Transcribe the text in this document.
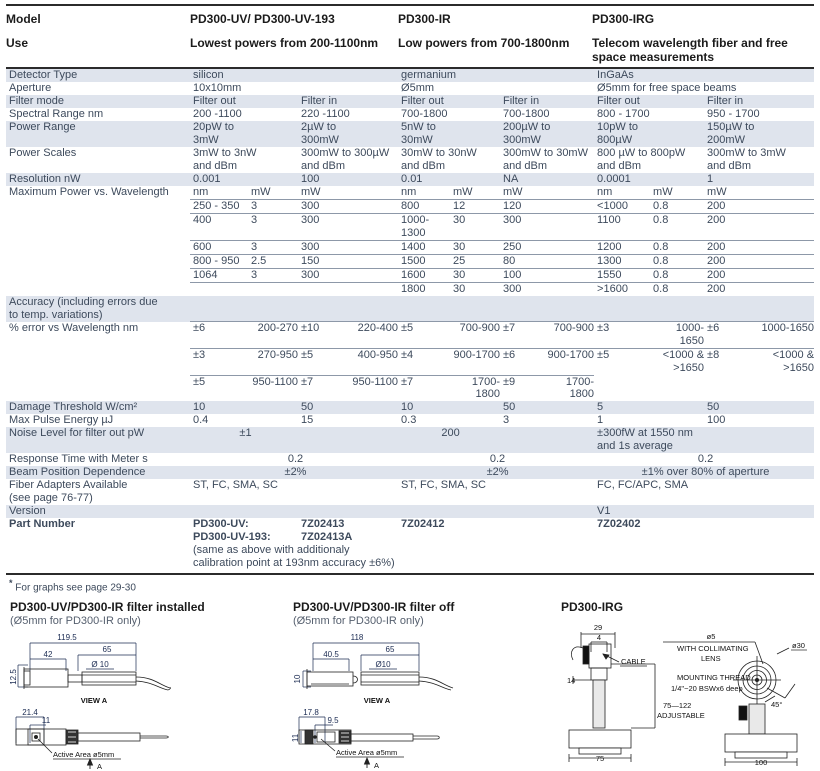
Model	PD300-UV/ PD300-UV-193	PD300-IR	PD300-IRG
Use	Lowest powers from 200-1100nm	Low powers from 700-1800nm	Telecom wavelength fiber and free space measurements
Detector Type	silicon				germanium				InGaAs			
Aperture	10x10mm				Ø5mm				Ø5mm for free space beams			
Filter mode	Filter out		Filter in		Filter out		Filter in		Filter out		Filter in	
Spectral Range nm	200 -1100		220 -1100		700-1800		700-1800		800 - 1700		950 - 1700	
Power Range	20pW to		2µW to		5nW to		200µW to		10pW to		150µW to	
	3mW		300mW		30mW		300mW		800µW		200mW	
Power Scales	3mW to 3nW		300mW to 300µW		30mW to 30nW		300mW to 30mW		800 µW to 800pW		300mW to 3mW	
	and dBm		and dBm		and dBm		and dBm		and dBm		and dBm	
Resolution nW	0.001		100		0.01		NA		0.0001		1	
Maximum Power vs. Wavelength	nm	mW	mW		nm	mW	mW		nm	mW	mW	
	250 - 350	3	300		800	12	120		<1000	0.8	200	
	400	3	300		1000-	30	300		1100	0.8	200	
					1300							
	600	3	300		1400	30	250		1200	0.8	200	
	800 - 950	2.5	150		1500	25	80		1300	0.8	200	
	1064	3	300		1600	30	100		1550	0.8	200	
					1800	30	300		>1600	0.8	200	
Accuracy (including errors due												
to temp. variations)												
% error vs Wavelength nm	±6	200-270	±10	220-400	±5	700-900	±7	700-900	±3	1000-1650	±6	1000-1650
	±3	270-950	±5	400-950	±4	900-1700	±6	900-1700	±5	<1000 & >1650	±8	<1000 & >1650
	±5	950-1100	±7	950-1100	±7	1700-1800	±9	1700-1800				
Damage Threshold W/cm²	10		50		10		50		5		50	
Max Pulse Energy µJ	0.4		15		0.3		3		1		100	
Noise Level for filter out pW	±1				200				±300fW at 1550 nm			
									and 1s average			
Response Time with Meter s	0.2				0.2				0.2			
Beam Position Dependence	±2%				±2%				±1% over 80% of aperture			
Fiber Adapters Available	ST, FC, SMA, SC				ST, FC, SMA, SC				FC, FC/APC, SMA			
(see page 76-77)												
Version									V1			
Part Number	PD300-UV:		7Z02413		7Z02412				7Z02402			
	PD300-UV-193:		7Z02413A									
	(same as above with additionaly											
	calibration point at 193nm accuracy ±6%)											
* For graphs see page 29-30
PD300-UV/PD300-IR filter installed
(Ø5mm for PD300-IR only)
119.5
42
65
Ø 10
12.5
VIEW A
21.4
11
Active Area ø5mm
A
PD300-UV/PD300-IR filter off
(Ø5mm for PD300-IR only)
118
40.5
65
Ø10
10
VIEW A
17.8
9.5
11
Active Area ø5mm
A
PD300-IRG
29
4
14
CABLE
75—122
ADJUSTABLE
75
ø5
WITH COLLIMATING
LENS
ø30
MOUNTING THREAD
1/4"−20 BSWx6 deep
45°
100
